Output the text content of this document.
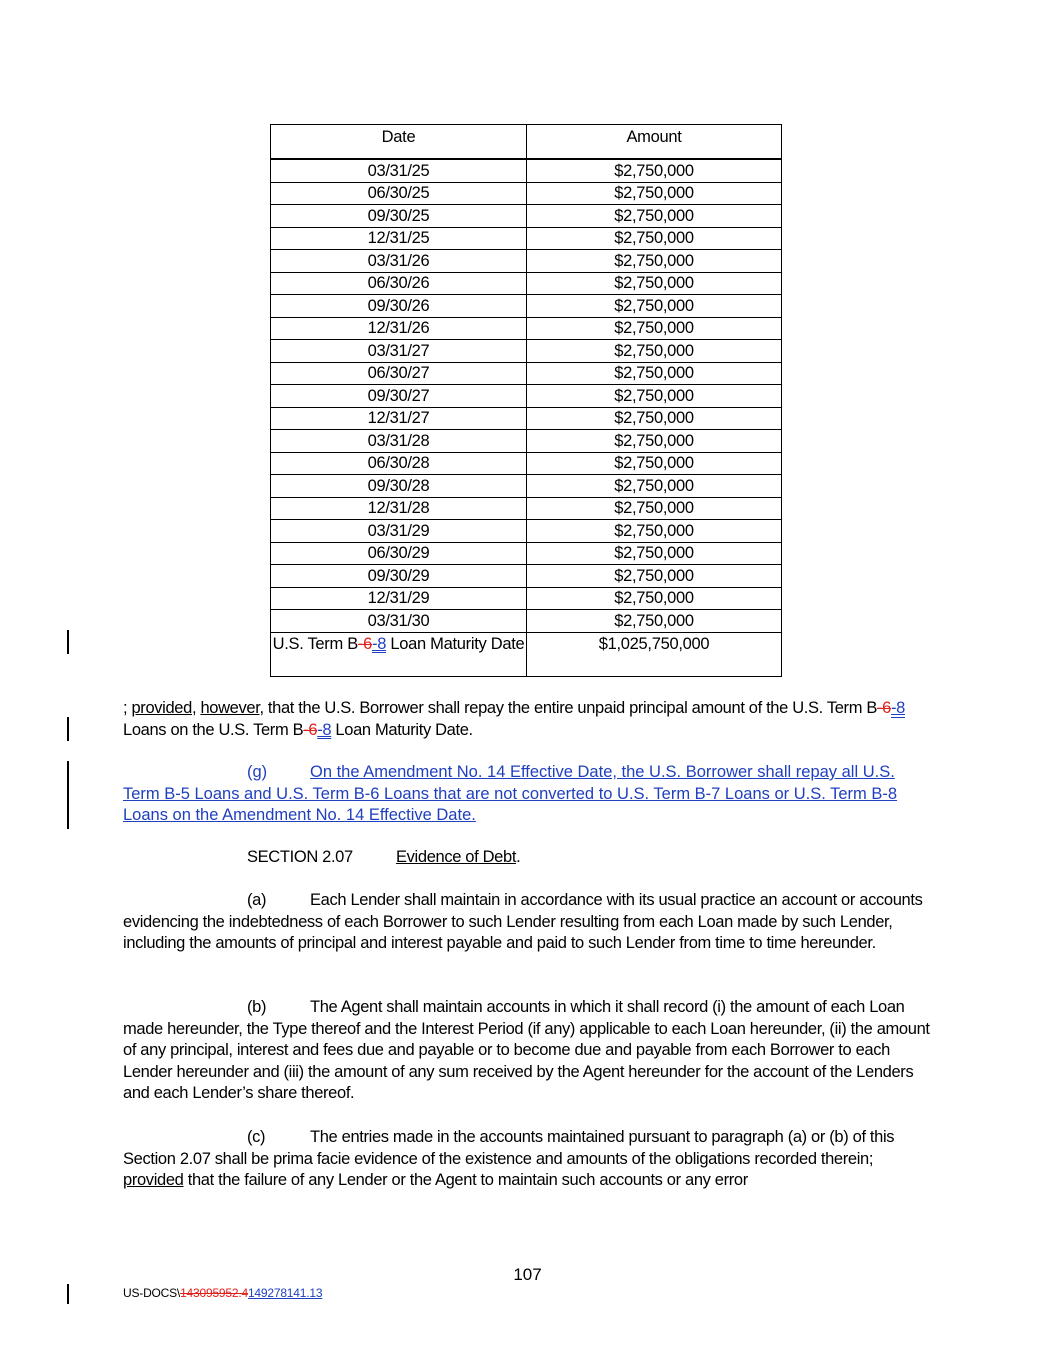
Date	Amount
03/31/25	$2,750,000
06/30/25	$2,750,000
09/30/25	$2,750,000
12/31/25	$2,750,000
03/31/26	$2,750,000
06/30/26	$2,750,000
09/30/26	$2,750,000
12/31/26	$2,750,000
03/31/27	$2,750,000
06/30/27	$2,750,000
09/30/27	$2,750,000
12/31/27	$2,750,000
03/31/28	$2,750,000
06/30/28	$2,750,000
09/30/28	$2,750,000
12/31/28	$2,750,000
03/31/29	$2,750,000
06/30/29	$2,750,000
09/30/29	$2,750,000
12/31/29	$2,750,000
03/31/30	$2,750,000
U.S. Term B-6-8 Loan Maturity Date	$1,025,750,000
; provided, however, that the U.S. Borrower shall repay the entire unpaid principal amount of the U.S. Term B-6-8 Loans on the U.S. Term B-6-8 Loan Maturity Date.
(g)	On the Amendment No. 14 Effective Date, the U.S. Borrower shall repay all U.S. Term B-5 Loans and U.S. Term B-6 Loans that are not converted to U.S. Term B-7 Loans or U.S. Term B-8 Loans on the Amendment No. 14 Effective Date.
SECTION 2.07	Evidence of Debt.
(a)	Each Lender shall maintain in accordance with its usual practice an account or accounts evidencing the indebtedness of each Borrower to such Lender resulting from each Loan made by such Lender, including the amounts of principal and interest payable and paid to such Lender from time to time hereunder.
(b)	The Agent shall maintain accounts in which it shall record (i) the amount of each Loan made hereunder, the Type thereof and the Interest Period (if any) applicable to each Loan hereunder, (ii) the amount of any principal, interest and fees due and payable or to become due and payable from each Borrower to each Lender hereunder and (iii) the amount of any sum received by the Agent hereunder for the account of the Lenders and each Lender’s share thereof.
(c)	The entries made in the accounts maintained pursuant to paragraph (a) or (b) of this Section 2.07 shall be prima facie evidence of the existence and amounts of the obligations recorded therein; provided that the failure of any Lender or the Agent to maintain such accounts or any error
107
US-DOCS\143095952.4149278141.13
